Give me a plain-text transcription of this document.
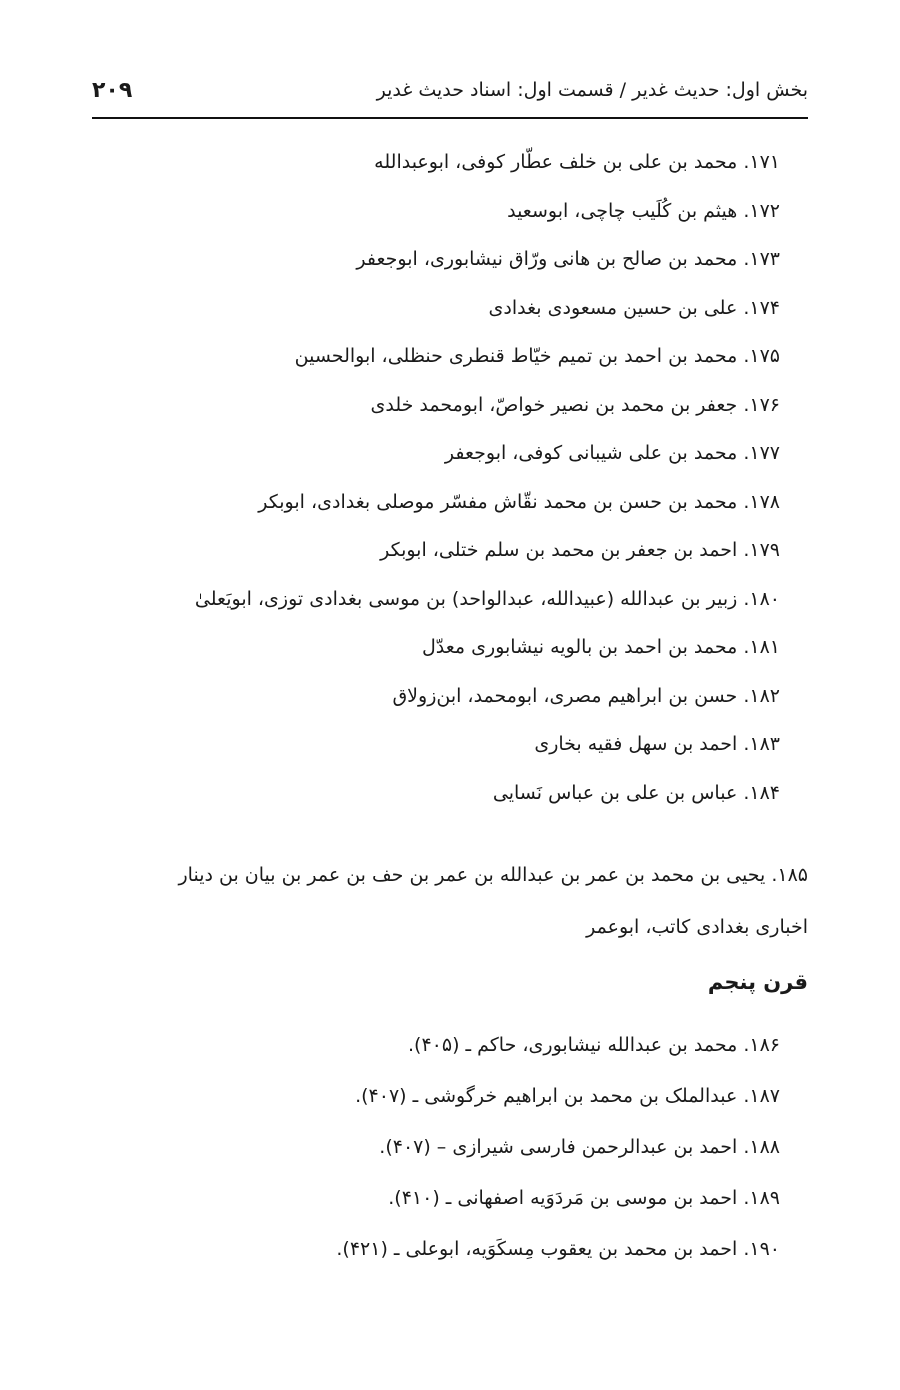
بخش اول: حدیث غدیر / قسمت اول: اسناد حدیث غدیر
۲۰۹
۱۷۱. محمد بن علی بن خلف عطّار کوفی، ابوعبدالله
۱۷۲. هیثم بن کُلَیب چاچی، ابوسعید
۱۷۳. محمد بن صالح بن هانی ورّاق نیشابوری، ابوجعفر
۱۷۴. علی بن حسین مسعودی بغدادی
۱۷۵. محمد بن احمد بن تمیم خیّاط قنطری حنظلی، ابوالحسین
۱۷۶. جعفر بن محمد بن نصیر خواصّ، ابومحمد خلدی
۱۷۷. محمد بن علی شیبانی کوفی، ابوجعفر
۱۷۸. محمد بن حسن بن محمد نقّاش مفسّر موصلی بغدادی، ابوبکر
۱۷۹. احمد بن جعفر بن محمد بن سلم ختلی، ابوبکر
۱۸۰. زبیر بن عبدالله (عبیدالله، عبدالواحد) بن موسی بغدادی توزی، ابویَعلیٰ
۱۸۱. محمد بن احمد بن بالویه نیشابوری معدّل
۱۸۲. حسن بن ابراهیم مصری، ابومحمد، ابن‌زولاق
۱۸۳. احمد بن سهل فقیه بخاری
۱۸۴. عباس بن علی بن عباس نَسایی
۱۸۵. یحیی بن محمد بن عمر بن عبدالله بن عمر بن حف بن عمر بن بیان بن دینار
اخباری بغدادی کاتب، ابوعمر
قرن پنجم
۱۸۶. محمد بن عبدالله نیشابوری، حاکم ـ (۴۰۵).
۱۸۷. عبدالملک بن محمد بن ابراهیم خرگوشی ـ (۴۰۷).
۱۸۸. احمد بن عبدالرحمن فارسی شیرازی – (۴۰۷).
۱۸۹. احمد بن موسی بن مَردَوَیه اصفهانی ـ (۴۱۰).
۱۹۰. احمد بن محمد بن یعقوب مِسکَوَیه، ابوعلی ـ (۴۲۱).
